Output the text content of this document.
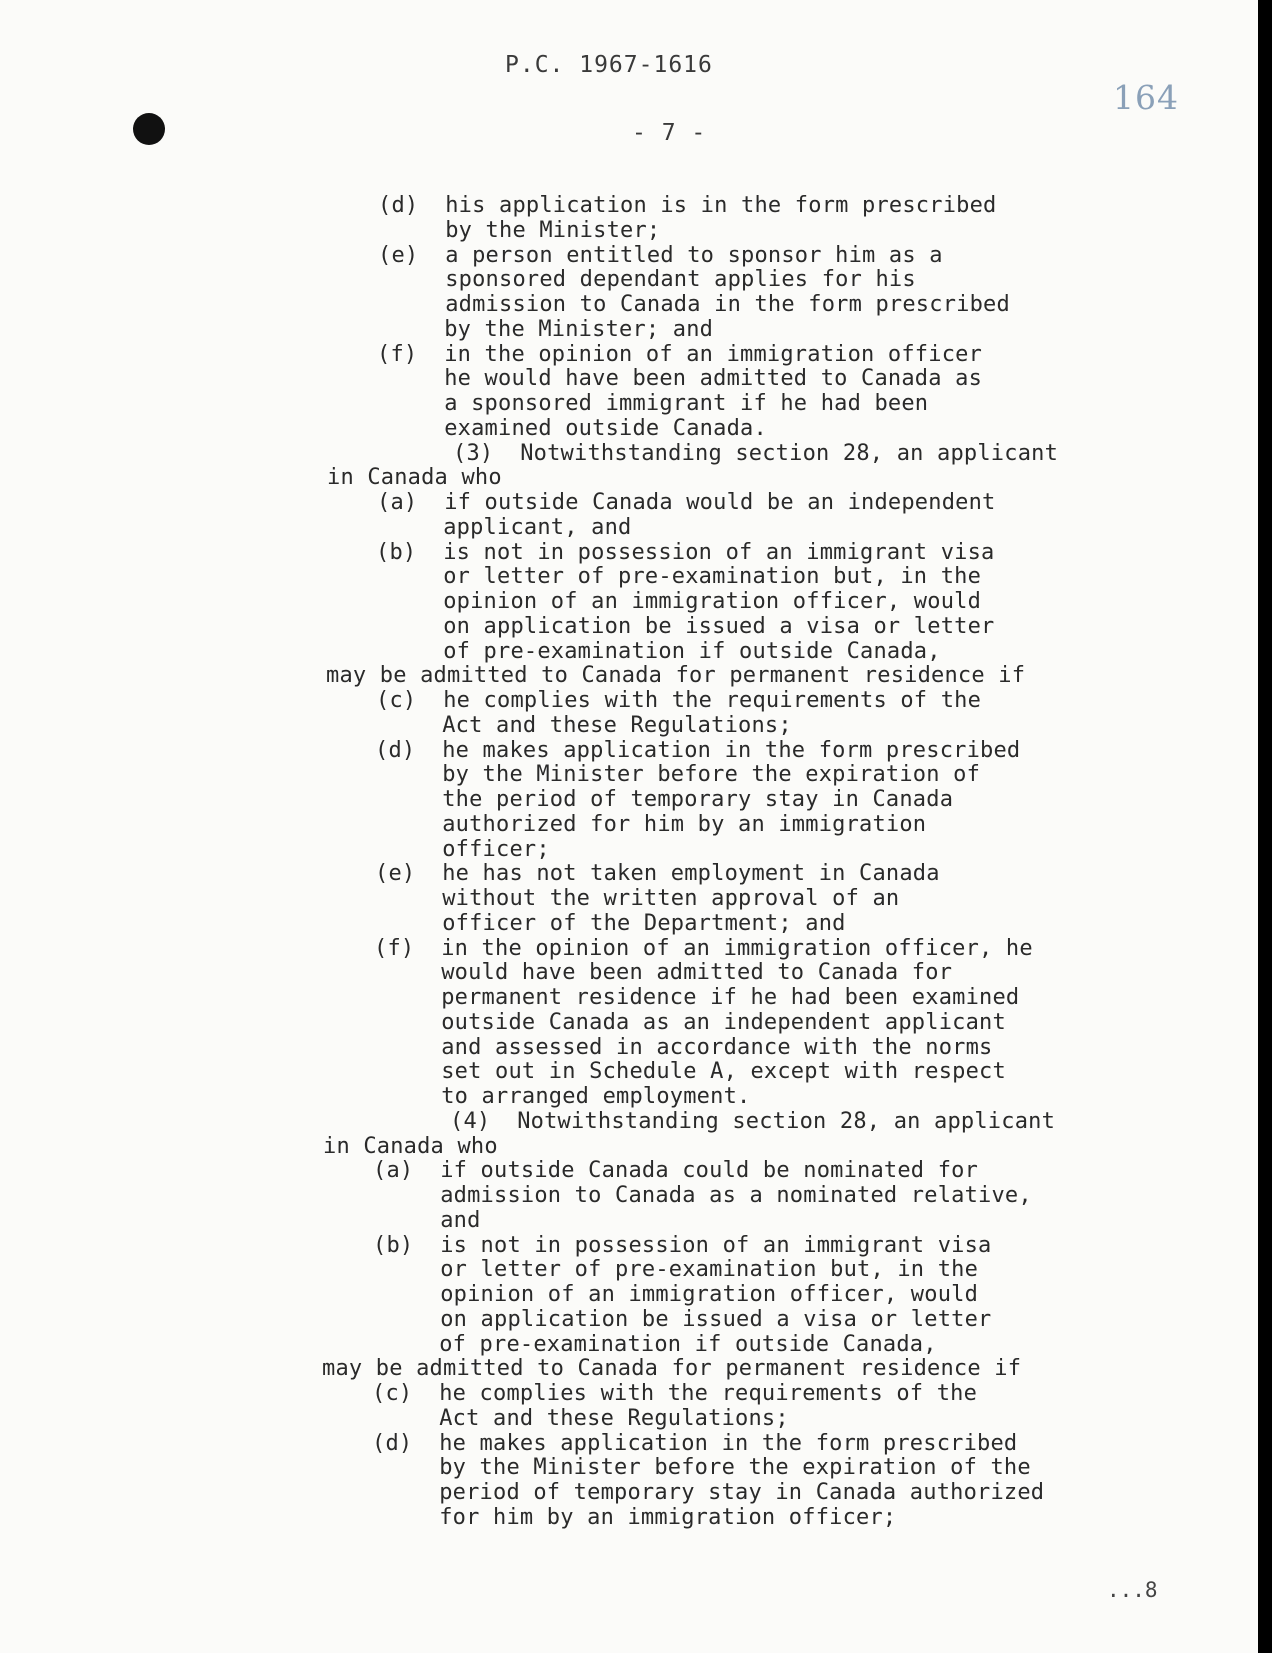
P.C. 1967-1616
- 7 -
164
(d)  his application is in the form prescribed
by the Minister;
(e)  a person entitled to sponsor him as a
sponsored dependant applies for his
admission to Canada in the form prescribed
by the Minister; and
(f)  in the opinion of an immigration officer
he would have been admitted to Canada as
a sponsored immigrant if he had been
examined outside Canada.
(3)  Notwithstanding section 28, an applicant
in Canada who
(a)  if outside Canada would be an independent
applicant, and
(b)  is not in possession of an immigrant visa
or letter of pre-examination but, in the
opinion of an immigration officer, would
on application be issued a visa or letter
of pre-examination if outside Canada,
may be admitted to Canada for permanent residence if
(c)  he complies with the requirements of the
Act and these Regulations;
(d)  he makes application in the form prescribed
by the Minister before the expiration of
the period of temporary stay in Canada
authorized for him by an immigration
officer;
(e)  he has not taken employment in Canada
without the written approval of an
officer of the Department; and
(f)  in the opinion of an immigration officer, he
would have been admitted to Canada for
permanent residence if he had been examined
outside Canada as an independent applicant
and assessed in accordance with the norms
set out in Schedule A, except with respect
to arranged employment.
(4)  Notwithstanding section 28, an applicant
in Canada who
(a)  if outside Canada could be nominated for
admission to Canada as a nominated relative,
and
(b)  is not in possession of an immigrant visa
or letter of pre-examination but, in the
opinion of an immigration officer, would
on application be issued a visa or letter
of pre-examination if outside Canada,
may be admitted to Canada for permanent residence if
(c)  he complies with the requirements of the
Act and these Regulations;
(d)  he makes application in the form prescribed
by the Minister before the expiration of the
period of temporary stay in Canada authorized
for him by an immigration officer;
...8
